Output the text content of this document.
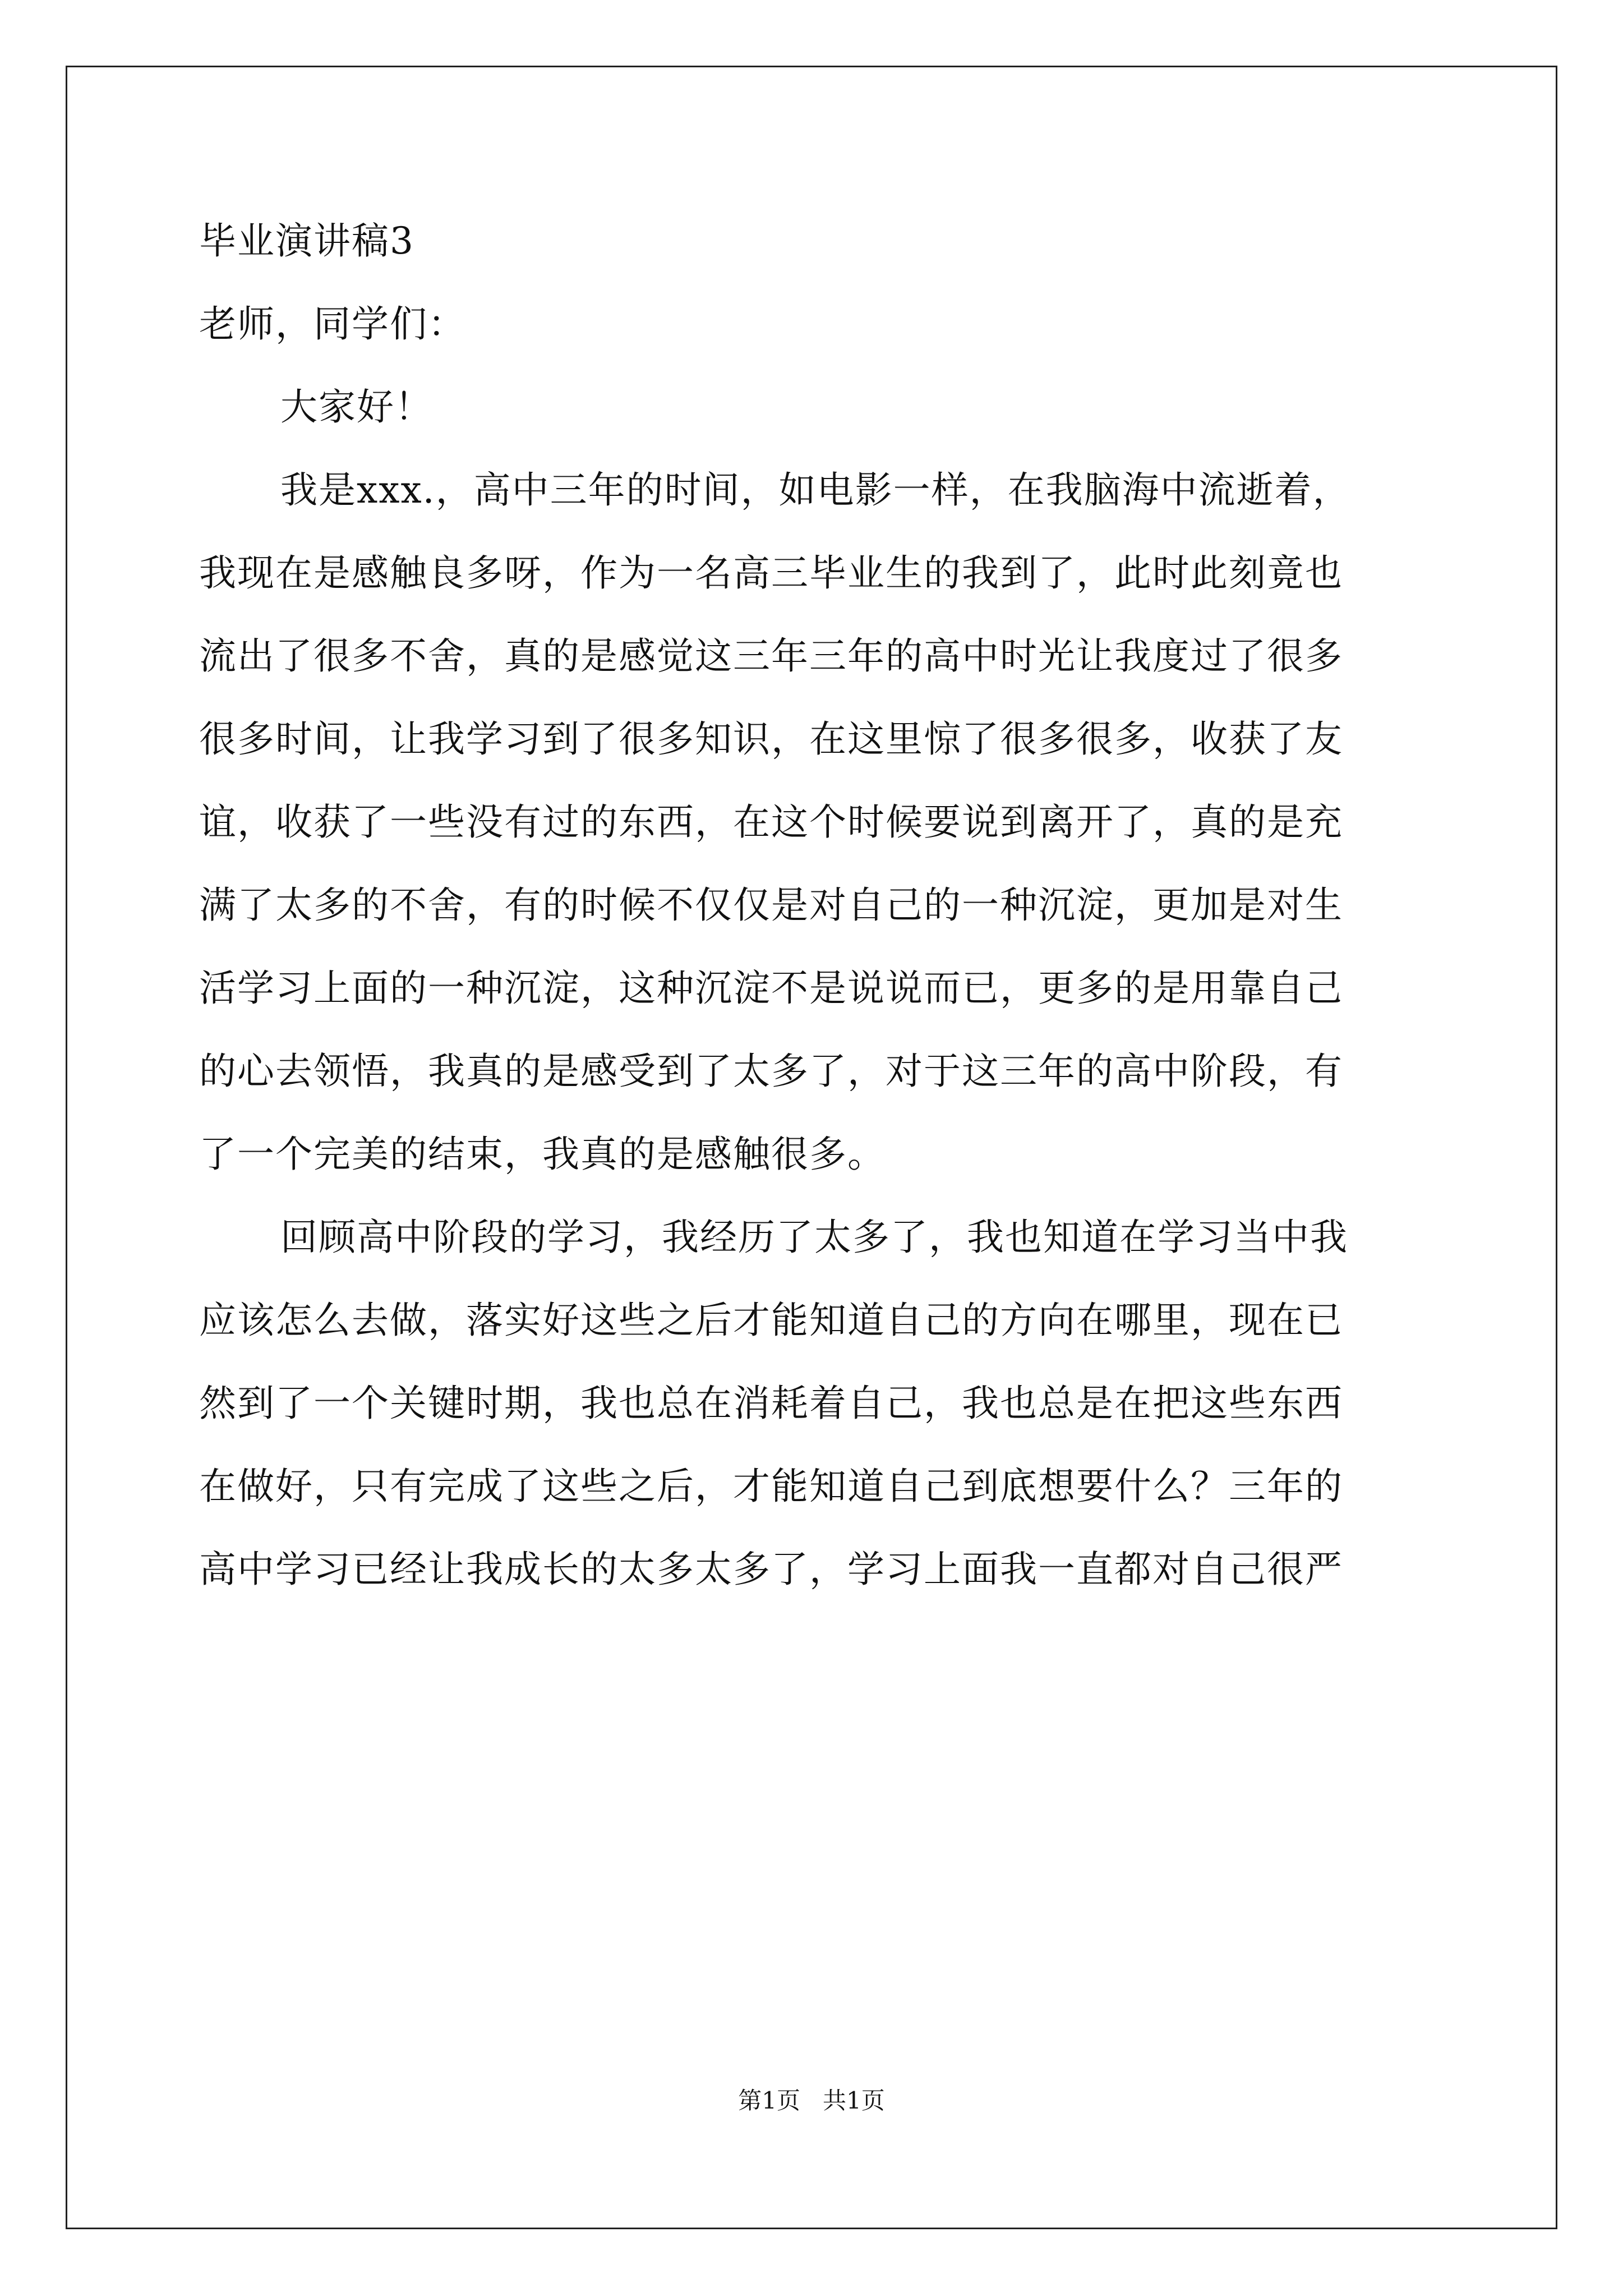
毕业演讲稿3
老师，同学们：
大家好！
我是xxx.，高中三年的时间，如电影一样，在我脑海中流逝着，
我现在是感触良多呀，作为一名高三毕业生的我到了，此时此刻竟也
流出了很多不舍，真的是感觉这三年三年的高中时光让我度过了很多
很多时间，让我学习到了很多知识，在这里惊了很多很多，收获了友
谊，收获了一些没有过的东西，在这个时候要说到离开了，真的是充
满了太多的不舍，有的时候不仅仅是对自己的一种沉淀，更加是对生
活学习上面的一种沉淀，这种沉淀不是说说而已，更多的是用靠自己
的心去领悟，我真的是感受到了太多了，对于这三年的高中阶段，有
了一个完美的结束，我真的是感触很多。
回顾高中阶段的学习，我经历了太多了，我也知道在学习当中我
应该怎么去做，落实好这些之后才能知道自己的方向在哪里，现在已
然到了一个关键时期，我也总在消耗着自己，我也总是在把这些东西
在做好，只有完成了这些之后，才能知道自己到底想要什么？三年的
高中学习已经让我成长的太多太多了，学习上面我一直都对自己很严
第1页   共1页
